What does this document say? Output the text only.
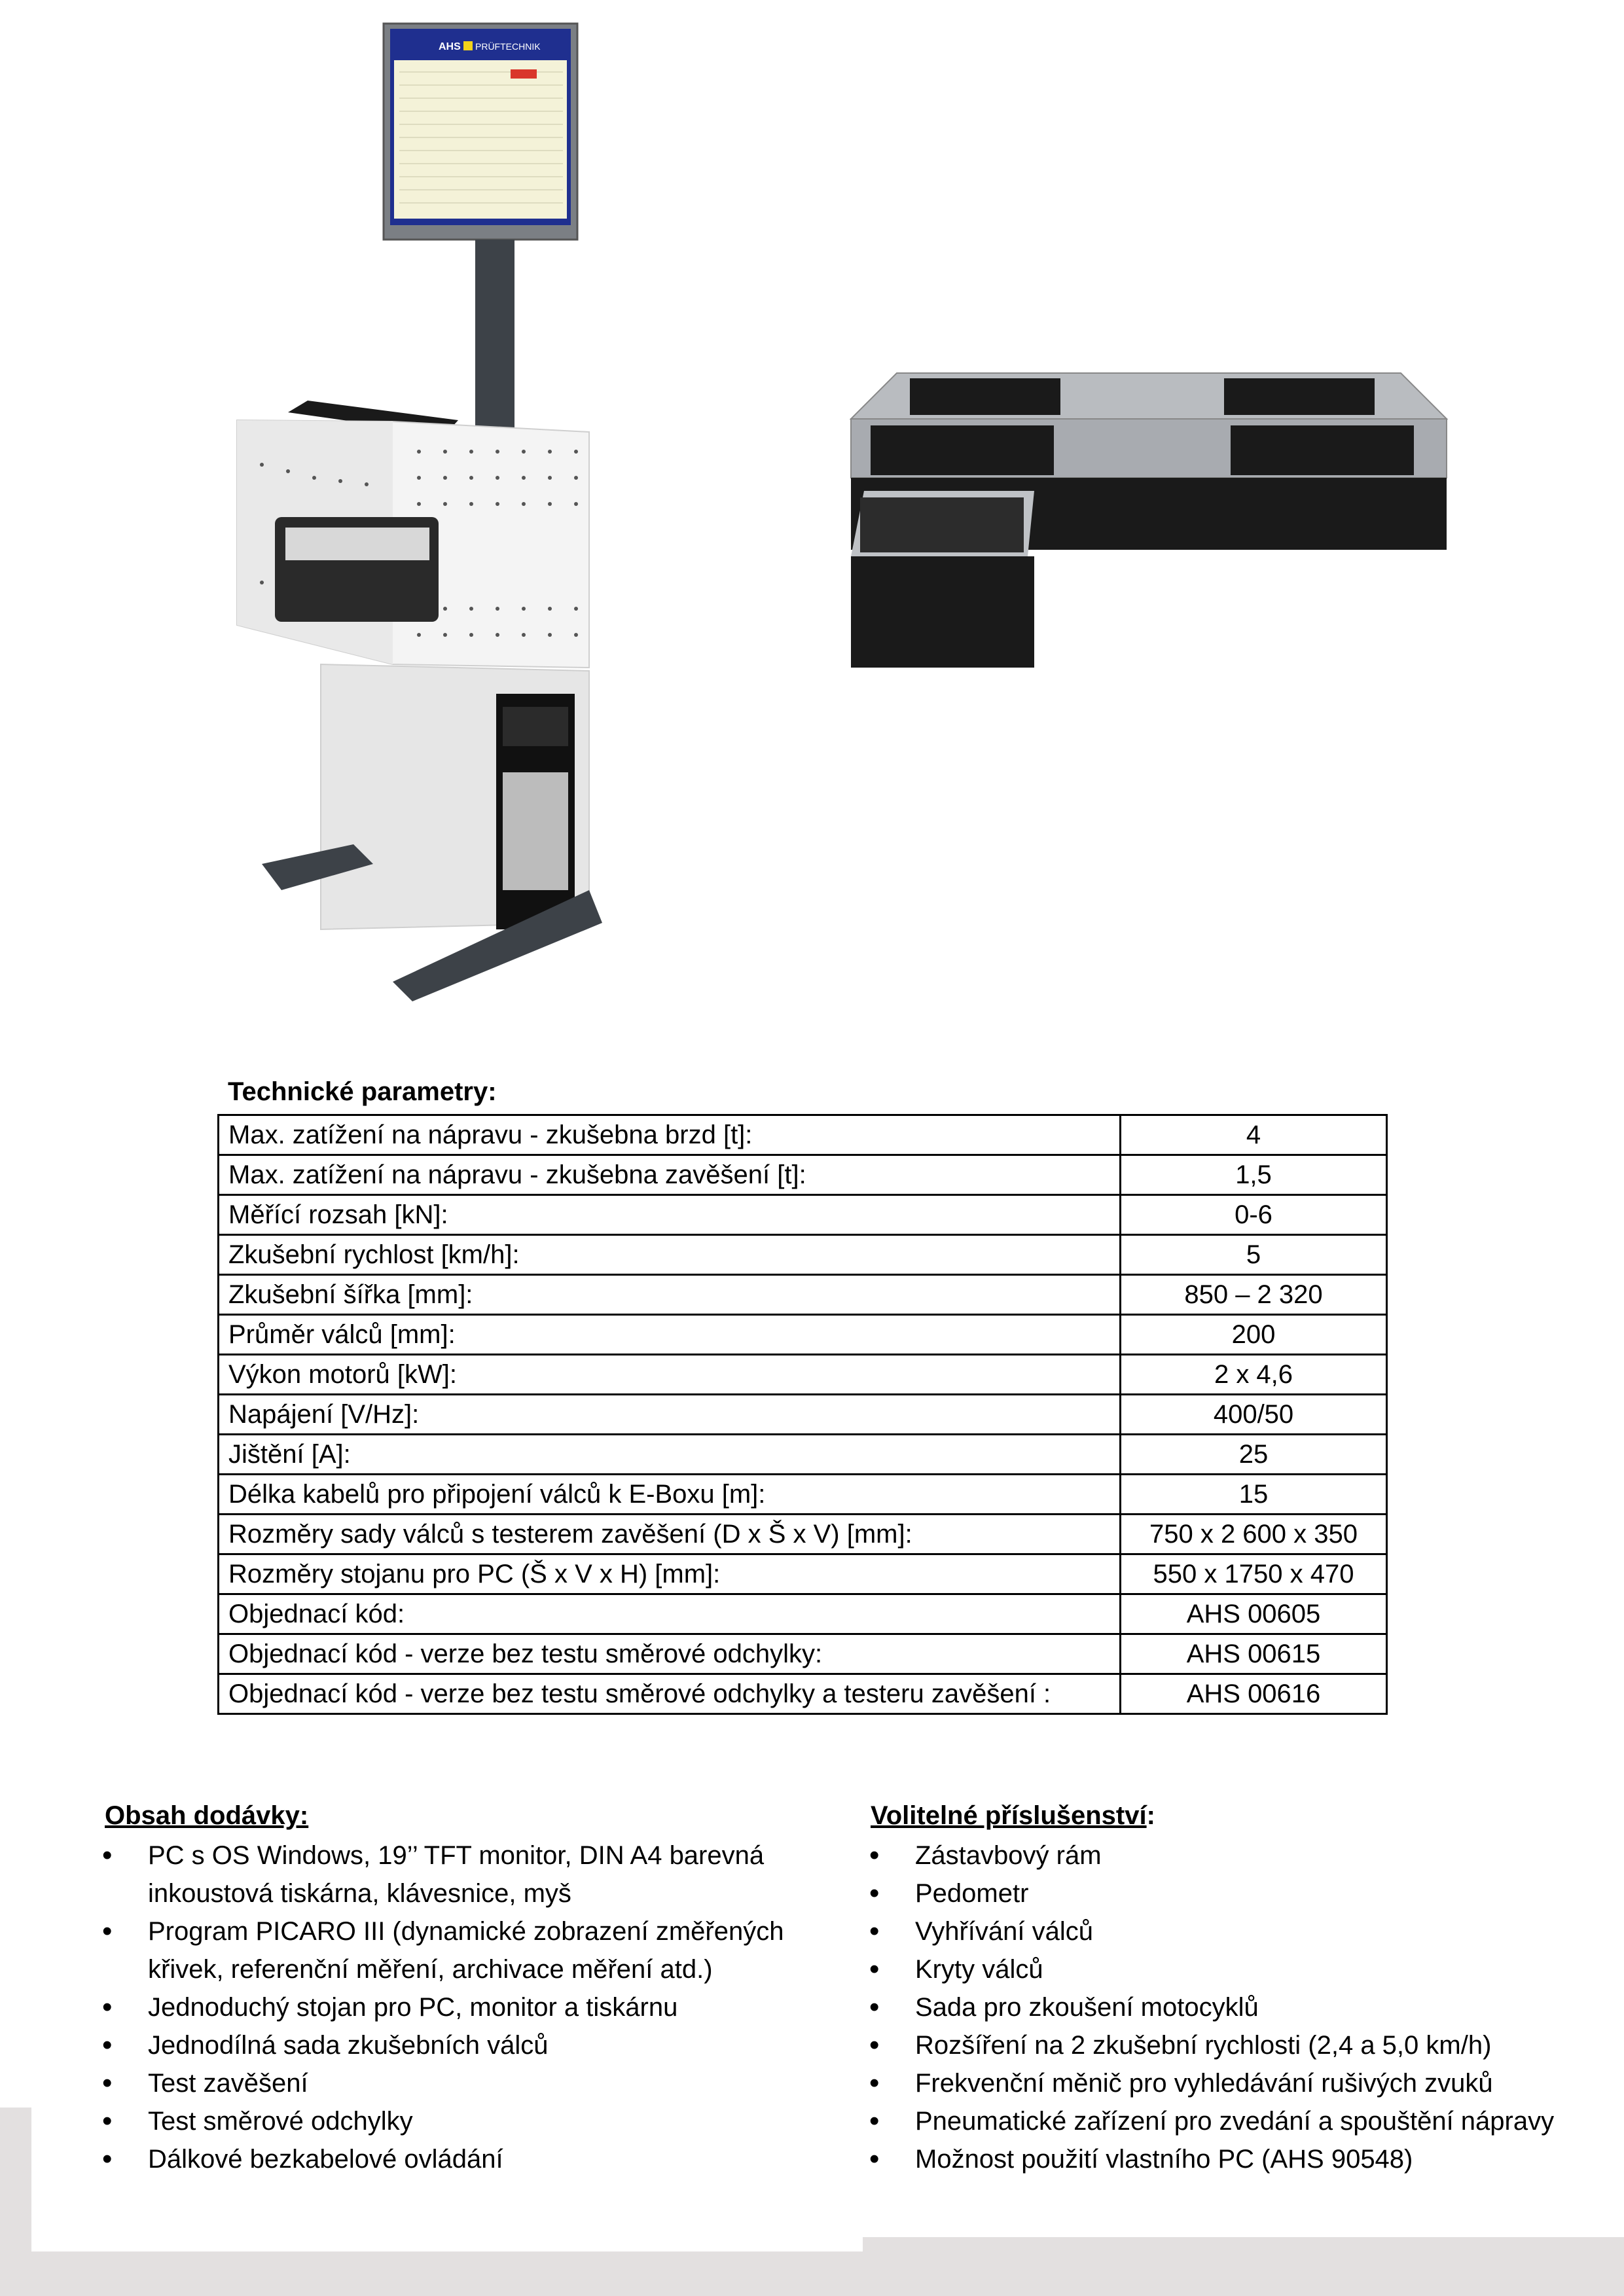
AHS PRÜFTECHNIK
Technické parametry:
Max. zatížení na nápravu - zkušebna brzd [t]:	4
Max. zatížení na nápravu - zkušebna zavěšení [t]:	1,5
Měřící rozsah [kN]:	0-6
Zkušební rychlost [km/h]:	5
Zkušební šířka [mm]:	850 – 2 320
Průměr válců [mm]:	200
Výkon motorů [kW]:	2 x 4,6
Napájení [V/Hz]:	400/50
Jištění [A]:	25
Délka kabelů pro připojení válců k E-Boxu [m]:	15
Rozměry sady válců s testerem zavěšení (D x Š x V) [mm]:	750 x 2 600 x 350
Rozměry stojanu pro PC (Š x V x H) [mm]:	550 x 1750 x 470
Objednací kód:	AHS 00605
Objednací kód - verze bez testu směrové odchylky:	AHS 00615
Objednací kód - verze bez testu směrové odchylky a testeru zavěšení :	AHS 00616
Obsah dodávky:
• PC s OS Windows, 19’’ TFT monitor, DIN A4 barevná inkoustová tiskárna, klávesnice, myš
• Program PICARO III (dynamické zobrazení změřených křivek, referenční měření, archivace měření atd.)
• Jednoduchý stojan pro PC, monitor a tiskárnu
• Jednodílná sada zkušebních válců
• Test zavěšení
• Test směrové odchylky
• Dálkové bezkabelové ovládání
Volitelné příslušenství:
• Zástavbový rám
• Pedometr
• Vyhřívání válců
• Kryty válců
• Sada pro zkoušení motocyklů
• Rozšíření na 2 zkušební rychlosti (2,4 a 5,0 km/h)
• Frekvenční měnič pro vyhledávání rušivých zvuků
• Pneumatické zařízení pro zvedání a spouštění nápravy
• Možnost použití vlastního PC (AHS 90548)
